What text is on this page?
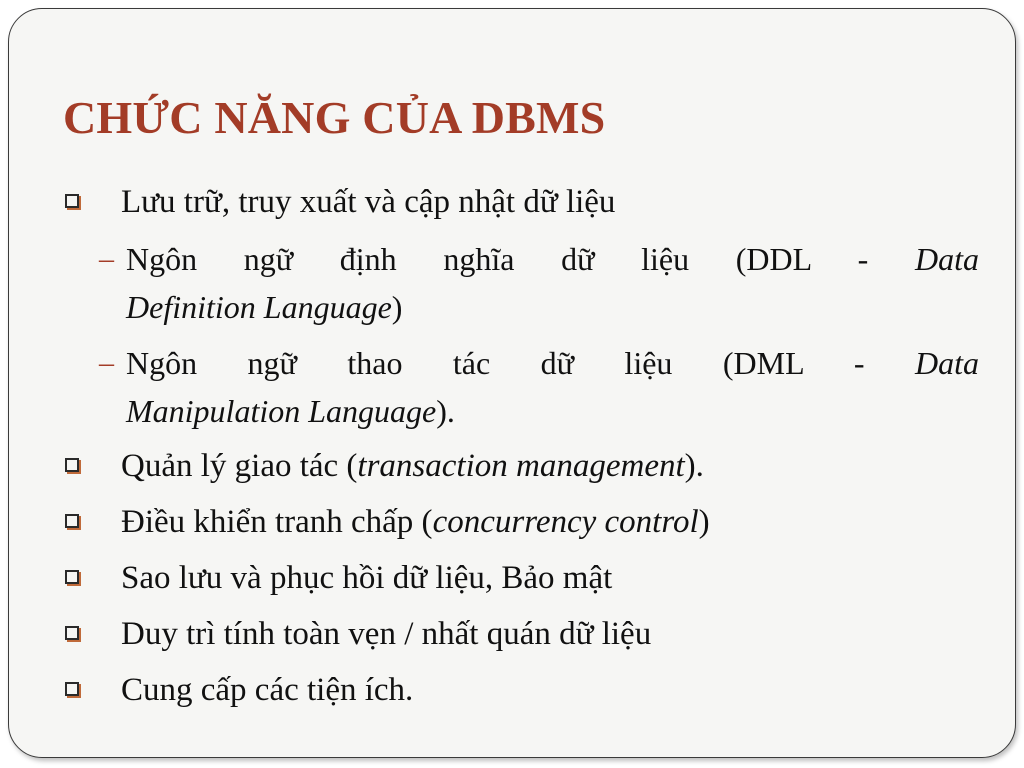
CHỨC NĂNG CỦA DBMS
Lưu trữ, truy xuất và cập nhật dữ liệu
– Ngôn ngữ định nghĩa dữ liệu (DDL - Data
Definition Language)
– Ngôn ngữ thao tác dữ liệu (DML - Data
Manipulation Language).
Quản lý giao tác (transaction management).
Điều khiển tranh chấp (concurrency control)
Sao lưu và phục hồi dữ liệu, Bảo mật
Duy trì tính toàn vẹn / nhất quán dữ liệu
Cung cấp các tiện ích.
